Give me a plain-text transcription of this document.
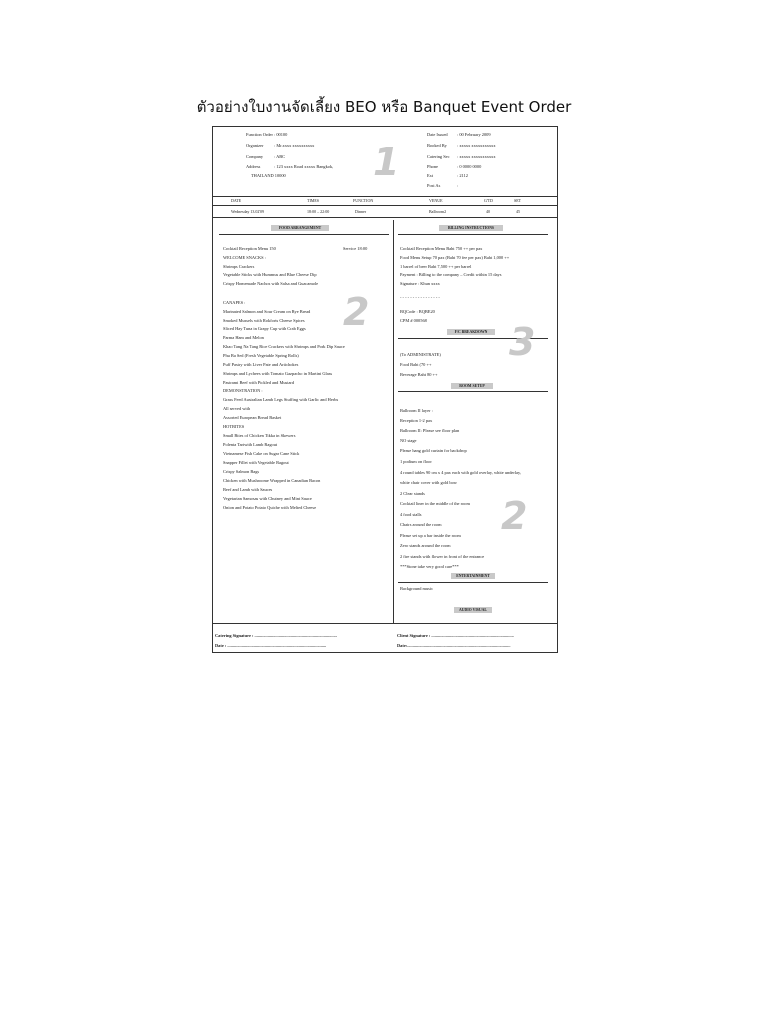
ตัวอย่างใบงานจัดเลี้ยง BEO หรือ Banquet Event Order
Function Order: 00100
Organizer : Mr.xxxx xxxxxxxxxx
Company : ABC
Address	: 123 xxxx Road xxxxx Bangkok,
THAILAND 10000 1
Date Issued : 00 February 2009
Booked By : xxxxx xxxxxxxxxxx
Catering Sec : xxxxx xxxxxxxxxxx
Phone	: 0 0000 0000
Ext	: 2112
Post As	:
DATE	TIMES	FUNCTION	VENUE	G'TD	SET
Wednesday 13.02'09	18:00 – 22:00	Dinner	Ballroom2	40	45
FOOD ARRANGEMENT
Cocktail Reception Menu 150	Service 18:00
WELCOME SNACKS :
Shrimps Crackers
Vegetable Sticks with Hummus and Blue Cheese Dip
Crispy Homemade Nachos with Salsa and Guacamole
CANAPES :
Marinated Salmon and Sour Cream on Rye Bread
Smoked Mussels with Rokforts Cheese Spices
Sliced Hay Tuna in Grapy Cup with Crab Eggs
Parma Ham and Melon
Khao Tang Na Tang Rice Crackers with Shrimps and Pork Dip Sauce
Phu Ba Sed (Fresh Vegetable Spring Rolls)
Puff Pastry with Liver Pate and Artichokes
Shrimps and Lychees with Tomato Gazpacho in Martini Glass
Pastrami Beef with Pickled and Mustard
DEMONSTRATION :
Grass Feed Australian Lamb Legs Stuffing with Garlic and Herbs
All served with
Assorted European Bread Basket
HOTBITES
Small Bites of Chicken Tikka in Skewers
Polenta Tartwith Lamb Ragout
Vietnamese Fish Cake on Sugar Cane Stick
Snapper Fillet with Vegetable Ragout
Crispy Salmon Bags
Chicken with Mushroome Wrapped in Canadian Bacon
Beef and Lamb with Sauces
Vegetarian Samosas with Chutney and Mint Sauce
Onion and Potato Potato Quiche with Melted Cheese
2
BILLING INSTRUCTIONS
Cocktail Reception Menu Baht 750 ++ per pax
Food Menu Setup 70 pax (Baht 70 fee per pax) Baht 1,000 ++
1 barrel of beer Baht 7,500 ++ per barrel
Payment : Billing to the company – Credit within 15 days
Signature : Khun xxxx
- - - - - - - - - - - - - - - -
BQCode : BQBE20
CPM # 000568
F/C BREAKDOWN 3
(To ADMINISTRATE)
Food Baht (70 ++
Beverage Baht 80 ++
ROOM SETUP
Ballroom II layer :
Reception 1-2 pax
Ballroom II: Please see floor plan
NO stage
Please hang gold curtain for backdrop
1 podium on floor
4 round tables 90 cm x 4 pax each with gold overlay, white underlay,
white chair cover with gold bow
2 Clear stands
Cocktail liner in the middle of the room
4 food stalls
Chairs around the room
Please set up a bar inside the room
Zero stands around the room
2 fire stands with flower in front of the entrance
***Stone take very good care***
2
ENTERTAINMENT
Background music
AUDIO VISUAL
Catering Signature : ...........................................................................
Date : ..........................................................................................
Client Signature : ...........................................................................
Date:..............................................................................................
